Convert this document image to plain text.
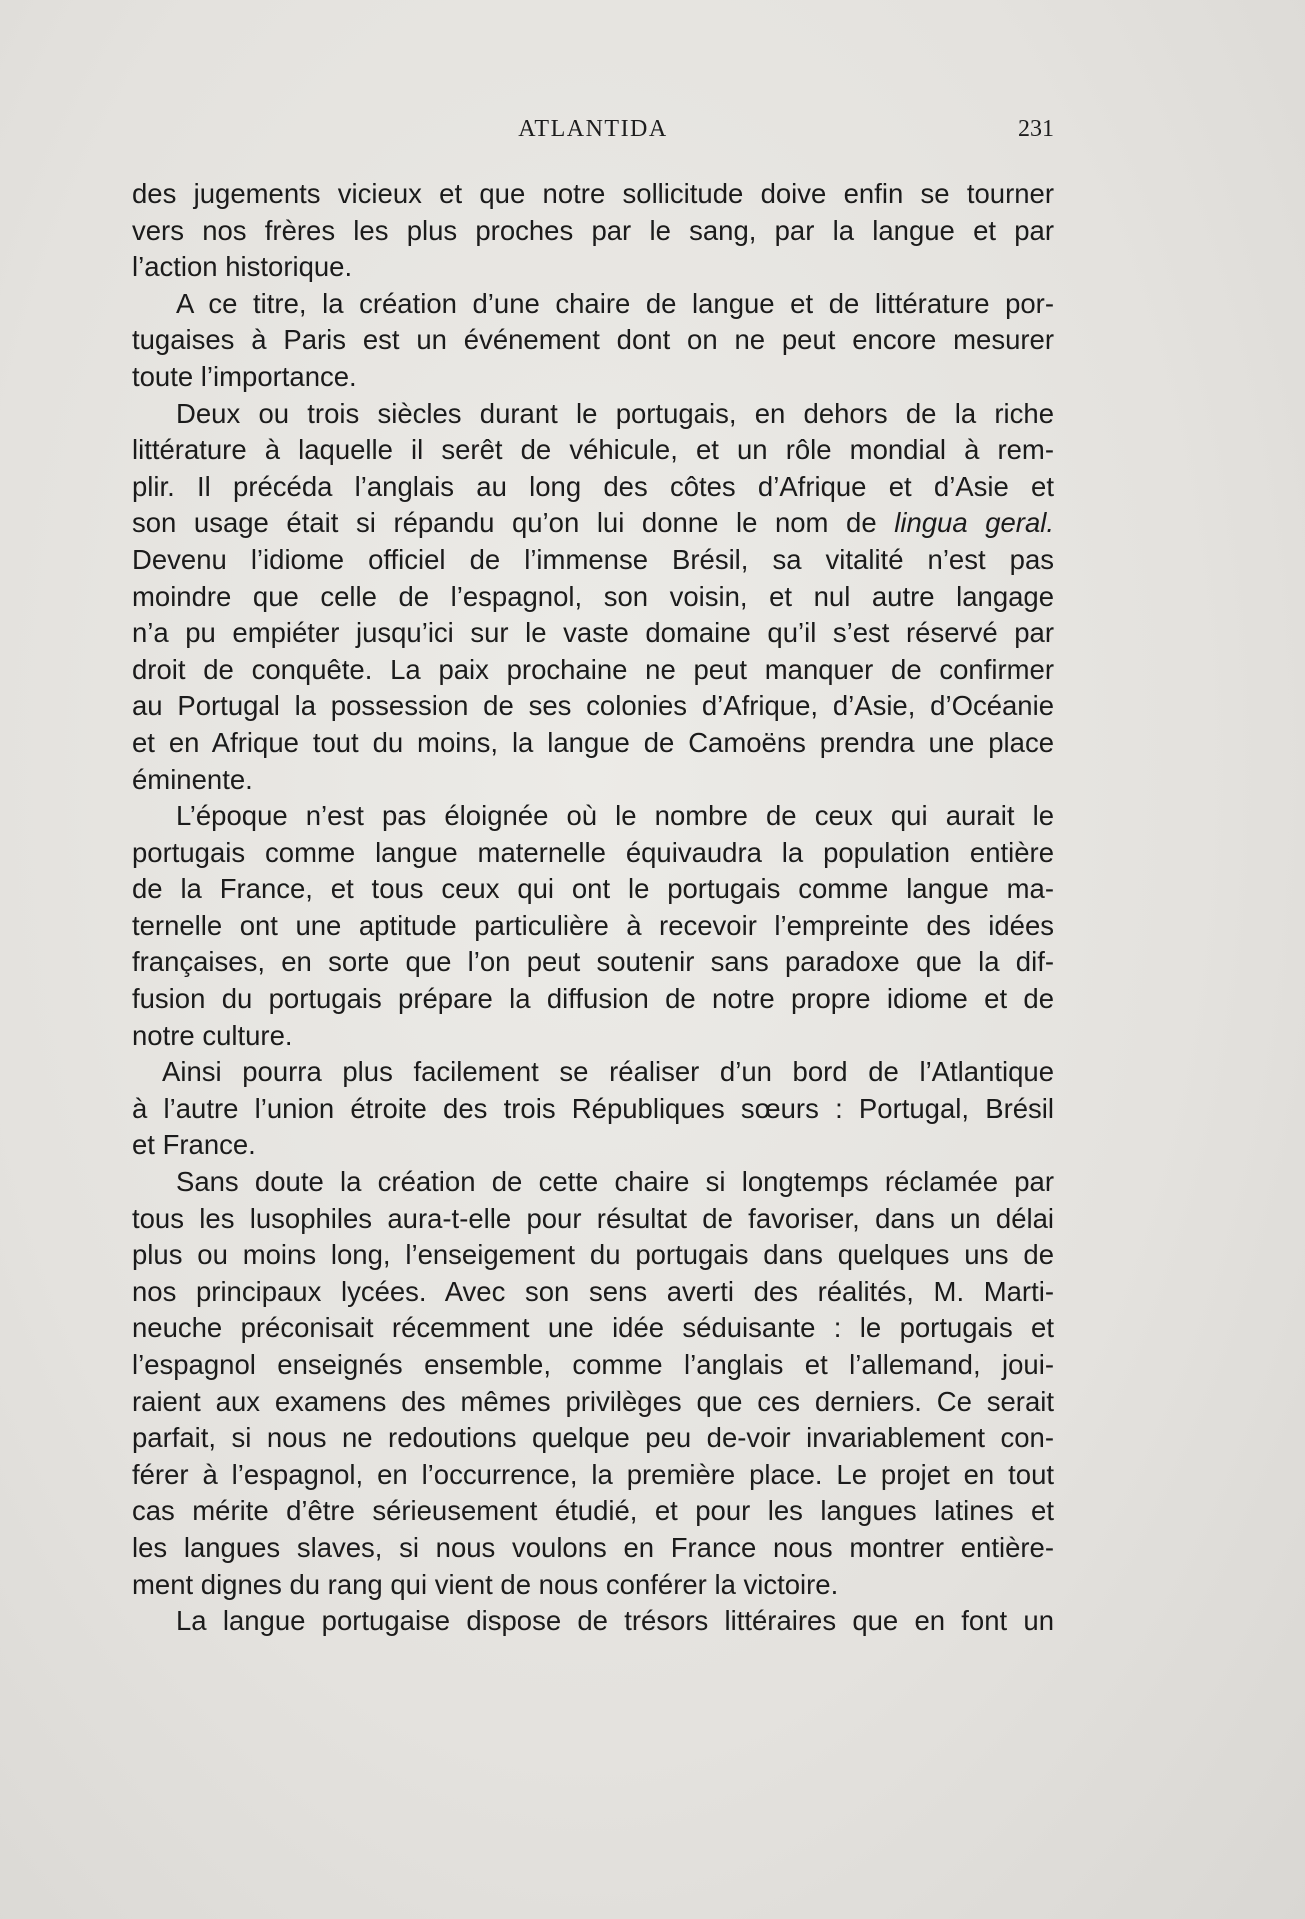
ATLANTIDA	231
des jugements vicieux et que notre sollicitude doive enfin se tourner
vers nos frères les plus proches par le sang, par la langue et par
l’action historique.
A ce titre, la création d’une chaire de langue et de littérature por-
tugaises à Paris est un événement dont on ne peut encore mesurer
toute l’importance.
Deux ou trois siècles durant le portugais, en dehors de la riche
littérature à laquelle il serêt de véhicule, et un rôle mondial à rem-
plir. Il précéda l’anglais au long des côtes d’Afrique et d’Asie et
son usage était si répandu qu’on lui donne le nom de lingua geral.
Devenu l’idiome officiel de l’immense Brésil, sa vitalité n’est pas
moindre que celle de l’espagnol, son voisin, et nul autre langage
n’a pu empiéter jusqu’ici sur le vaste domaine qu’il s’est réservé par
droit de conquête. La paix prochaine ne peut manquer de confirmer
au Portugal la possession de ses colonies d’Afrique, d’Asie, d’Océanie
et en Afrique tout du moins, la langue de Camoëns prendra une place
éminente.
L’époque n’est pas éloignée où le nombre de ceux qui aurait le
portugais comme langue maternelle équivaudra la population entière
de la France, et tous ceux qui ont le portugais comme langue ma-
ternelle ont une aptitude particulière à recevoir l’empreinte des idées
françaises, en sorte que l’on peut soutenir sans paradoxe que la dif-
fusion du portugais prépare la diffusion de notre propre idiome et de
notre culture.
Ainsi pourra plus facilement se réaliser d’un bord de l’Atlantique
à l’autre l’union étroite des trois Républiques sœurs : Portugal, Brésil
et France.
Sans doute la création de cette chaire si longtemps réclamée par
tous les lusophiles aura-t-elle pour résultat de favoriser, dans un délai
plus ou moins long, l’enseigement du portugais dans quelques uns de
nos principaux lycées. Avec son sens averti des réalités, M. Marti-
neuche préconisait récemment une idée séduisante : le portugais et
l’espagnol enseignés ensemble, comme l’anglais et l’allemand, joui-
raient aux examens des mêmes privilèges que ces derniers. Ce serait
parfait, si nous ne redoutions quelque peu de-voir invariablement con-
férer à l’espagnol, en l’occurrence, la première place. Le projet en tout
cas mérite d’être sérieusement étudié, et pour les langues latines et
les langues slaves, si nous voulons en France nous montrer entière-
ment dignes du rang qui vient de nous conférer la victoire.
La langue portugaise dispose de trésors littéraires que en font un
